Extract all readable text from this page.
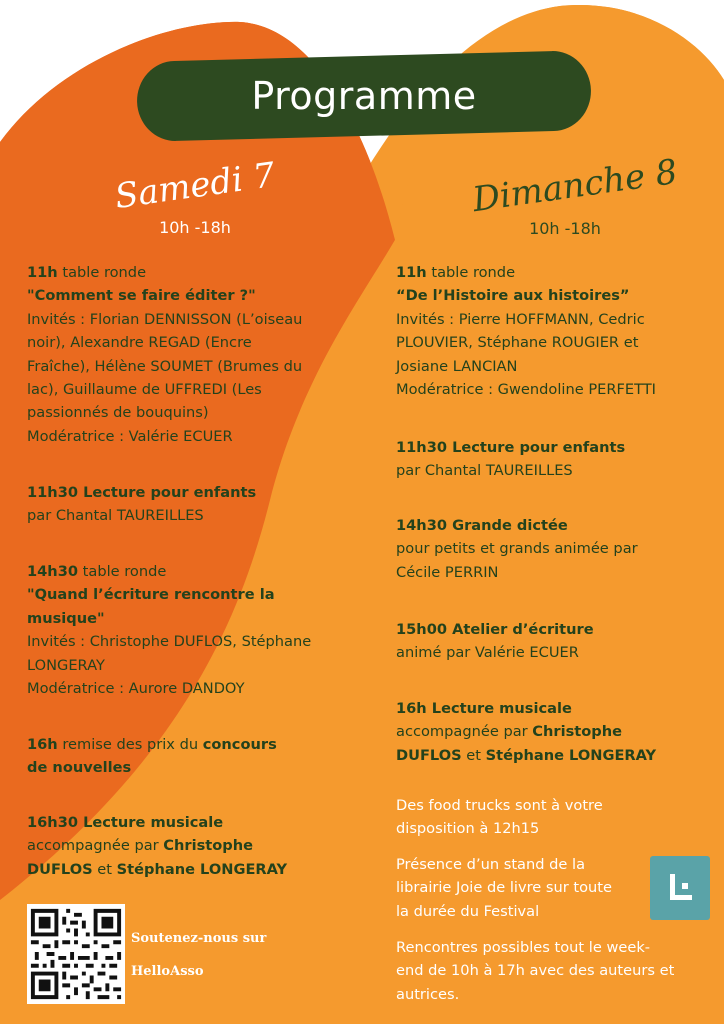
Programme
Samedi 7
10h -18h
Dimanche 8
10h -18h

11h table ronde

"Comment se faire éditer ?"

Invités : Florian DENNISSON (L’oiseau

noir), Alexandre REGAD (Encre

Fraîche), Hélène SOUMET (Brumes du

lac), Guillaume de UFFREDI (Les

passionnés de bouquins)

Modératrice : Valérie ECUER

11h30 Lecture pour enfants

par Chantal TAUREILLES

14h30 table ronde

"Quand l’écriture rencontre la

musique"

Invités : Christophe DUFLOS, Stéphane

LONGERAY

Modératrice : Aurore DANDOY

16h remise des prix du concours

de nouvelles

16h30 Lecture musicale

accompagnée par Christophe

DUFLOS et Stéphane LONGERAY

11h table ronde

“De l’Histoire aux histoires”

Invités : Pierre HOFFMANN, Cedric

PLOUVIER, Stéphane ROUGIER et

Josiane LANCIAN

Modératrice : Gwendoline PERFETTI

11h30 Lecture pour enfants

par Chantal TAUREILLES

14h30 Grande dictée

pour petits et grands animée par

Cécile PERRIN

15h00 Atelier d’écriture

animé par Valérie ECUER

16h Lecture musicale

accompagnée par Christophe

DUFLOS et Stéphane LONGERAY

Des food trucks sont à votre

disposition à 12h15

Présence d’un stand de la

librairie Joie de livre sur toute

la durée du Festival

Rencontres possibles tout le week-

end de 10h à 17h avec des auteurs et

autrices.

Soutenez-nous sur
HelloAsso
